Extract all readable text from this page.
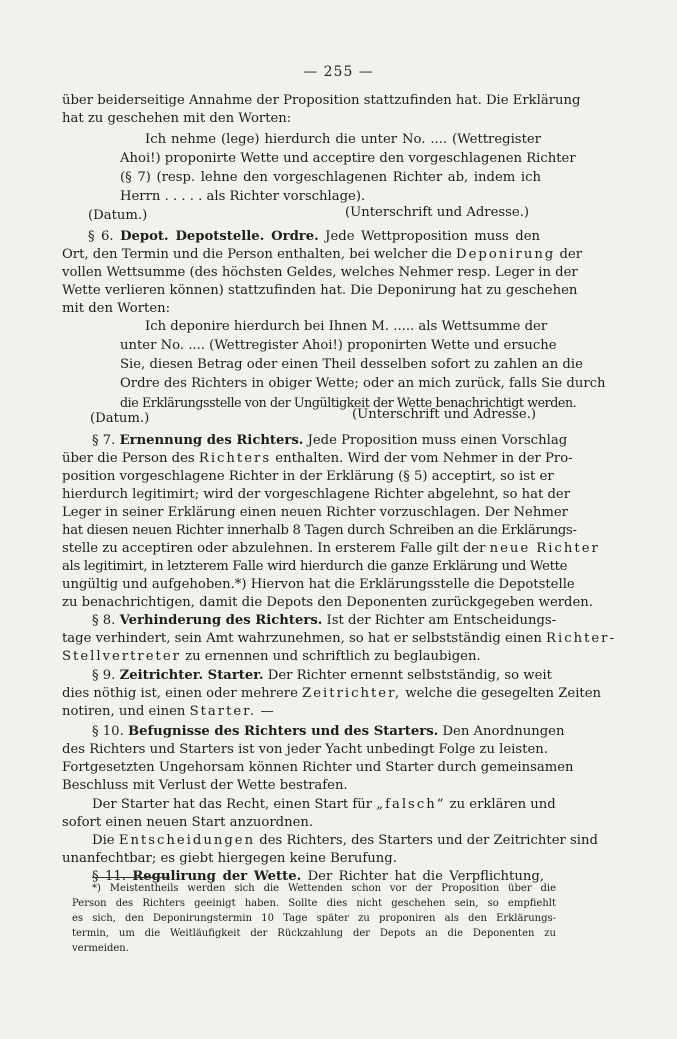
— 255 —

über beiderseitige Annahme der Proposition stattzufinden hat. Die Erklärung

hat zu geschehen mit den Worten:

Ich nehme (lege) hierdurch die unter No. .... (Wettregister

Ahoi!) proponirte Wette und acceptire den vorgeschlagenen Richter

(§ 7) (resp. lehne den vorgeschlagenen Richter ab, indem ich

Herrn . . . . . als Richter vorschlage).

(Datum.)	(Unterschrift und Adresse.)

§ 6. Depot. Depotstelle. Ordre. Jede Wettproposition muss den
Ort, den Termin und die Person enthalten, bei welcher die Deponirung der

vollen Wettsumme (des höchsten Geldes, welches Nehmer resp. Leger in der

Wette verlieren können) stattzufinden hat. Die Deponirung hat zu geschehen

mit den Worten:

Ich deponire hierdurch bei Ihnen M. ..... als Wettsumme der

unter No. .... (Wettregister Ahoi!) proponirten Wette und ersuche

Sie, diesen Betrag oder einen Theil desselben sofort zu zahlen an die

Ordre des Richters in obiger Wette; oder an mich zurück, falls Sie durch

die Erklärungsstelle von der Ungültigkeit der Wette benachrichtigt werden.

(Datum.)	(Unterschrift und Adresse.)

§ 7. Ernennung des Richters. Jede Proposition muss einen Vorschlag
über die Person des Richters enthalten. Wird der vom Nehmer in der Pro-

position vorgeschlagene Richter in der Erklärung (§ 5) acceptirt, so ist er

hierdurch legitimirt; wird der vorgeschlagene Richter abgelehnt, so hat der

Leger in seiner Erklärung einen neuen Richter vorzuschlagen. Der Nehmer

hat diesen neuen Richter innerhalb 8 Tagen durch Schreiben an die Erklärungs-

stelle zu acceptiren oder abzulehnen. In ersterem Falle gilt der neue Richter

als legitimirt, in letzterem Falle wird hierdurch die ganze Erklärung und Wette

ungültig und aufgehoben.*) Hiervon hat die Erklärungsstelle die Depotstelle

zu benachrichtigen, damit die Depots den Deponenten zurückgegeben werden.

§ 8. Verhinderung des Richters. Ist der Richter am Entscheidungs-
tage verhindert, sein Amt wahrzunehmen, so hat er selbstständig einen Richter-
Stellvertreter zu ernennen und schriftlich zu beglaubigen.
§ 9. Zeitrichter. Starter. Der Richter ernennt selbstständig, so weit
dies nöthig ist, einen oder mehrere Zeitrichter, welche die gesegelten Zeiten
notiren, und einen Starter. —
§ 10. Befugnisse des Richters und des Starters. Den Anordnungen

des Richters und Starters ist von jeder Yacht unbedingt Folge zu leisten.

Fortgesetzten Ungehorsam können Richter und Starter durch gemeinsamen

Beschluss mit Verlust der Wette bestrafen.

Der Starter hat das Recht, einen Start für „falsch“ zu erklären und

sofort einen neuen Start anzuordnen.

Die Entscheidungen des Richters, des Starters und der Zeitrichter sind

unanfechtbar; es giebt hiergegen keine Berufung.

§ 11. Regulirung der Wette. Der Richter hat die Verpflichtung,

*) Meistentheils werden sich die Wettenden schon vor der Proposition über die

Person des Richters geeinigt haben. Sollte dies nicht geschehen sein, so empfiehlt

es sich, den Deponirungstermin 10 Tage später zu proponiren als den Erklärungs-

termin, um die Weitläufigkeit der Rückzahlung der Depots an die Deponenten zu

vermeiden.
